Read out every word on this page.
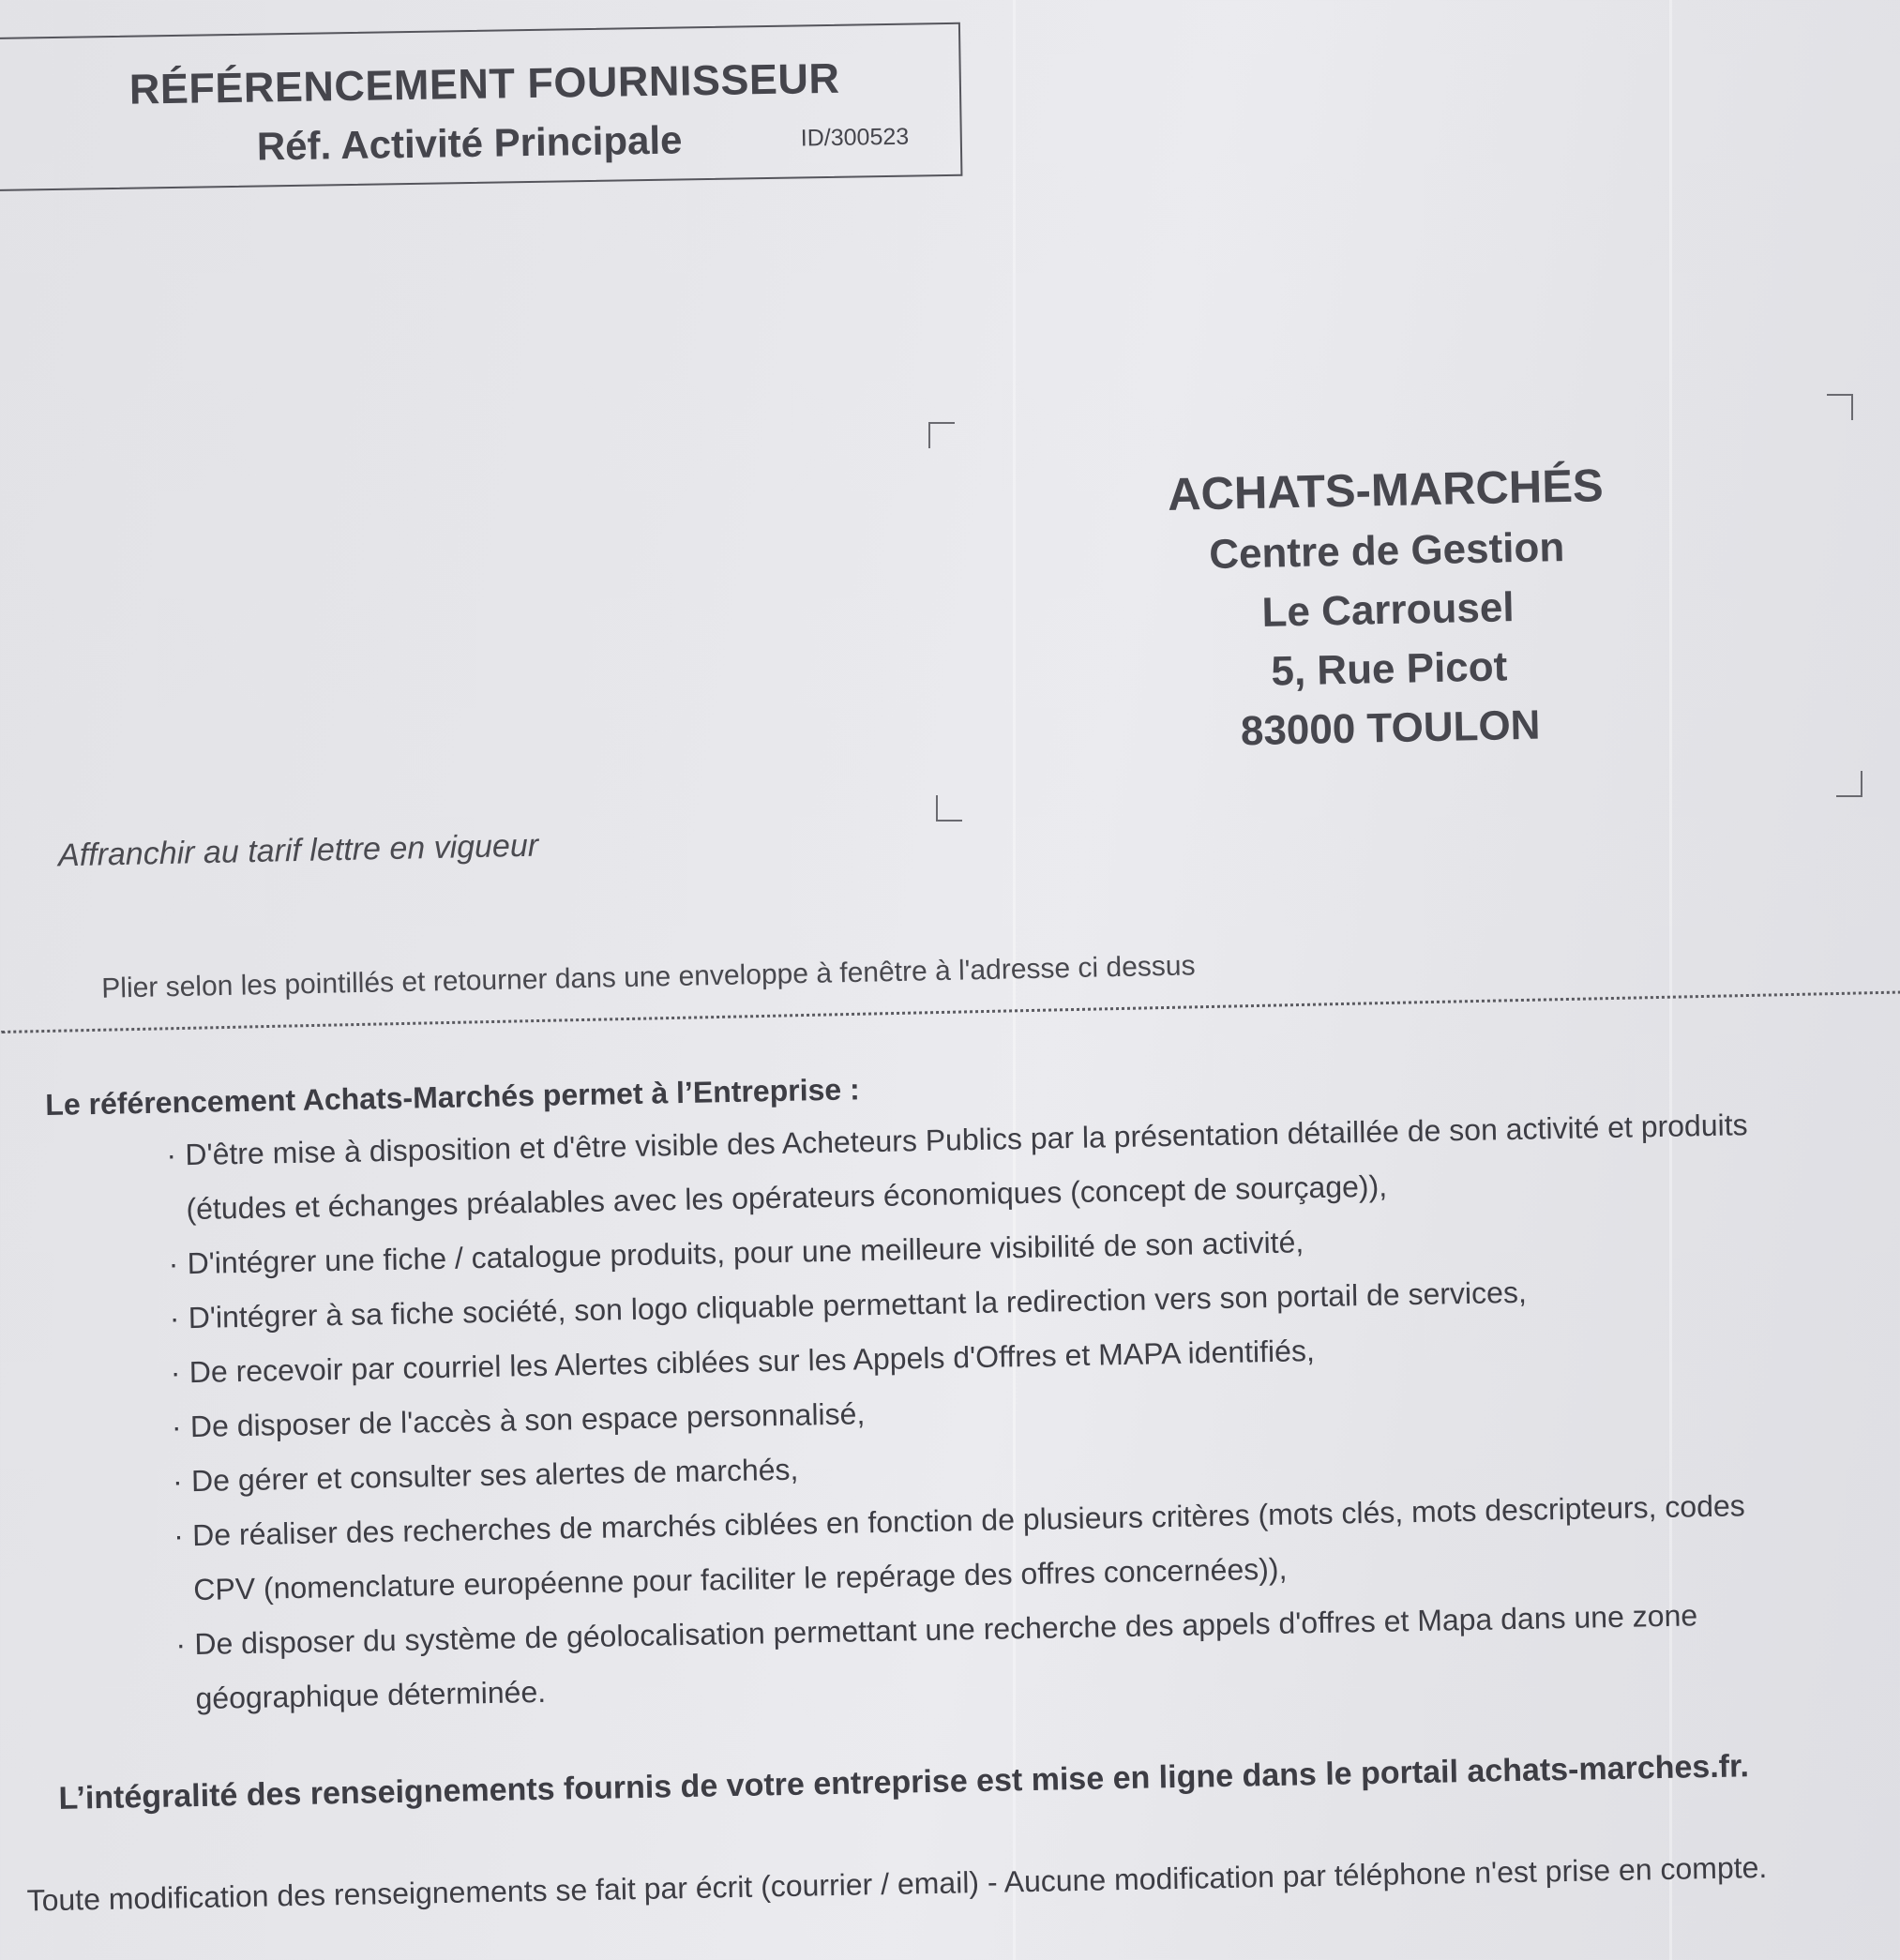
RÉFÉRENCEMENT FOURNISSEUR
Réf. Activité Principale	ID/300523
ACHATS-MARCHÉS
Centre de Gestion
Le Carrousel
5, Rue Picot
83000 TOULON
Affranchir au tarif lettre en vigueur
Plier selon les pointillés et retourner dans une enveloppe à fenêtre à l'adresse ci dessus
Le référencement Achats-Marchés permet à l’Entreprise :
· D'être mise à disposition et d'être visible des Acheteurs Publics par la présentation détaillée de son activité et produits
(études et échanges préalables avec les opérateurs économiques (concept de sourçage)),
· D'intégrer une fiche / catalogue produits, pour une meilleure visibilité de son activité,
· D'intégrer à sa fiche société, son logo cliquable permettant la redirection vers son portail de services,
· De recevoir par courriel les Alertes ciblées sur les Appels d'Offres et MAPA identifiés,
· De disposer de l'accès à son espace personnalisé,
· De gérer et consulter ses alertes de marchés,
· De réaliser des recherches de marchés ciblées en fonction de plusieurs critères (mots clés, mots descripteurs, codes
CPV (nomenclature européenne pour faciliter le repérage des offres concernées)),
· De disposer du système de géolocalisation permettant une recherche des appels d'offres et Mapa dans une zone
géographique déterminée.
L’intégralité des renseignements fournis de votre entreprise est mise en ligne dans le portail achats-marches.fr.
Toute modification des renseignements se fait par écrit (courrier / email) - Aucune modification par téléphone n'est prise en compte.
